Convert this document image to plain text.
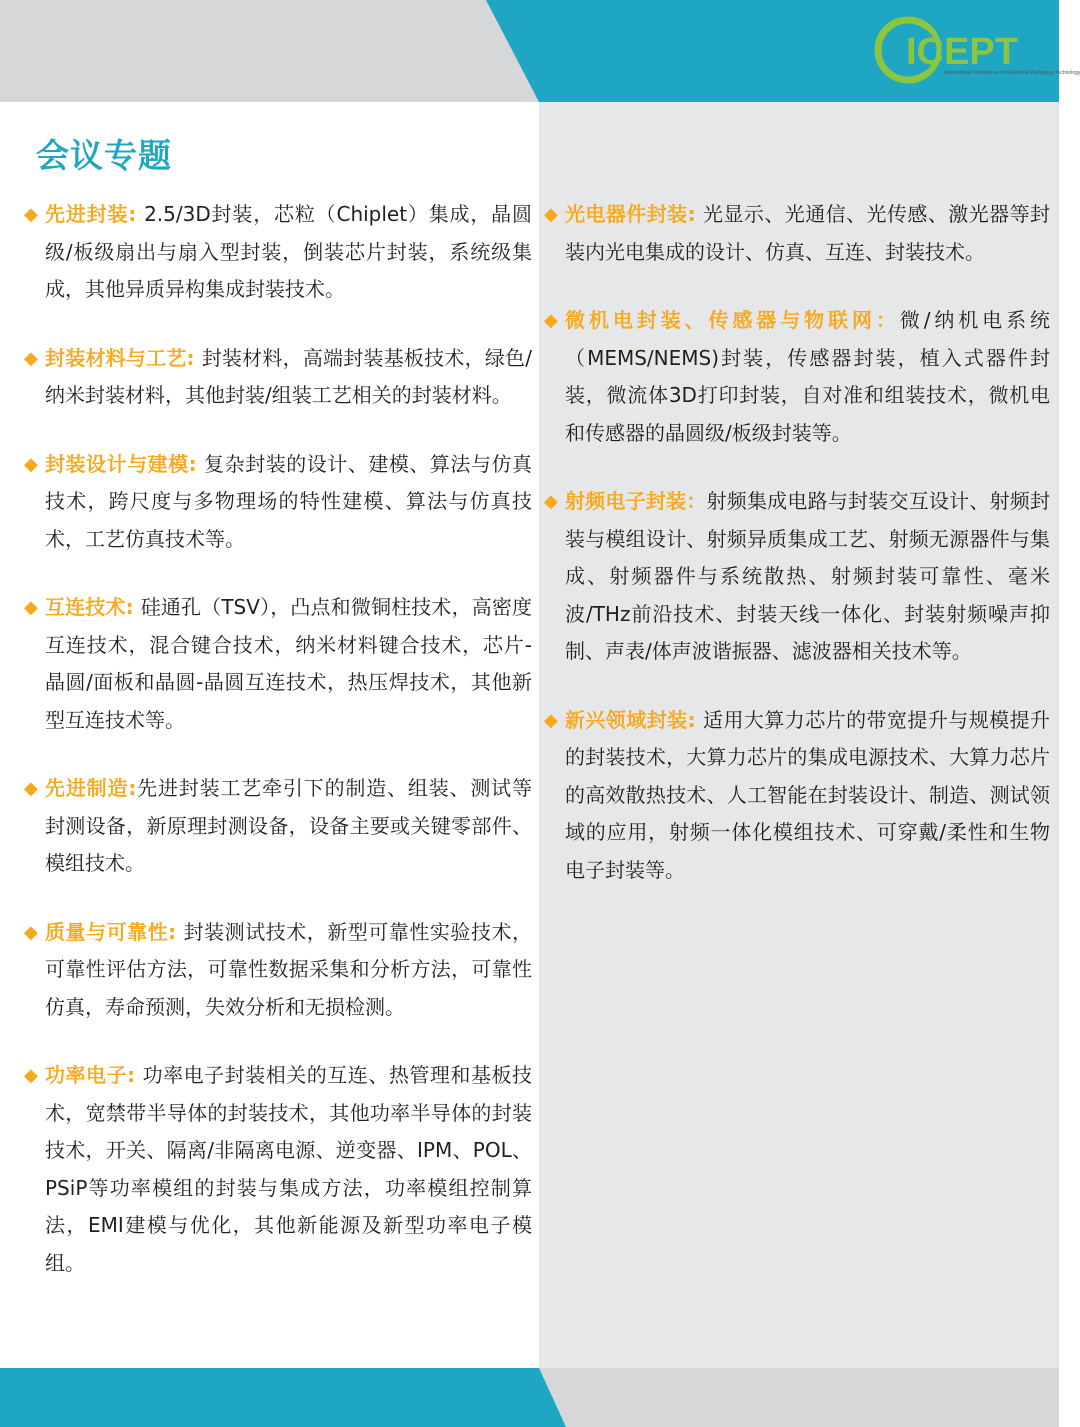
ICEPT
International Conference on Electronic Packaging Technology
会议专题
◆ 先进封装: 2.5/3D封装，芯粒（Chiplet）集成，晶圆级/板级扇出与扇入型封装，倒装芯片封装，系统级集成，其他异质异构集成封装技术。
◆ 封装材料与工艺: 封装材料，高端封装基板技术，绿色/纳米封装材料，其他封装/组装工艺相关的封装材料。
◆ 封装设计与建模: 复杂封装的设计、建模、算法与仿真技术，跨尺度与多物理场的特性建模、算法与仿真技术，工艺仿真技术等。
◆ 互连技术: 硅通孔（TSV），凸点和微铜柱技术，高密度互连技术，混合键合技术，纳米材料键合技术，芯片-晶圆/面板和晶圆-晶圆互连技术，热压焊技术，其他新型互连技术等。
◆ 先进制造:先进封装工艺牵引下的制造、组装、测试等封测设备，新原理封测设备，设备主要或关键零部件、模组技术。
◆ 质量与可靠性: 封装测试技术，新型可靠性实验技术，可靠性评估方法，可靠性数据采集和分析方法，可靠性仿真，寿命预测，失效分析和无损检测。
◆ 功率电子: 功率电子封装相关的互连、热管理和基板技术，宽禁带半导体的封装技术，其他功率半导体的封装技术，开关、隔离/非隔离电源、逆变器、IPM、POL、PSiP等功率模组的封装与集成方法，功率模组控制算法，EMI建模与优化，其他新能源及新型功率电子模组。
◆ 光电器件封装: 光显示、光通信、光传感、激光器等封装内光电集成的设计、仿真、互连、封装技术。
◆ 微机电封装、传感器与物联网：微/纳机电系统（MEMS/NEMS)封装，传感器封装，植入式器件封装，微流体3D打印封装，自对准和组装技术，微机电和传感器的晶圆级/板级封装等。
◆ 射频电子封装：射频集成电路与封装交互设计、射频封装与模组设计、射频异质集成工艺、射频无源器件与集成、射频器件与系统散热、射频封装可靠性、毫米波/THz前沿技术、封装天线一体化、封装射频噪声抑制、声表/体声波谐振器、滤波器相关技术等。
◆ 新兴领域封装: 适用大算力芯片的带宽提升与规模提升的封装技术，大算力芯片的集成电源技术、大算力芯片的高效散热技术、人工智能在封装设计、制造、测试领域的应用，射频一体化模组技术、可穿戴/柔性和生物电子封装等。
